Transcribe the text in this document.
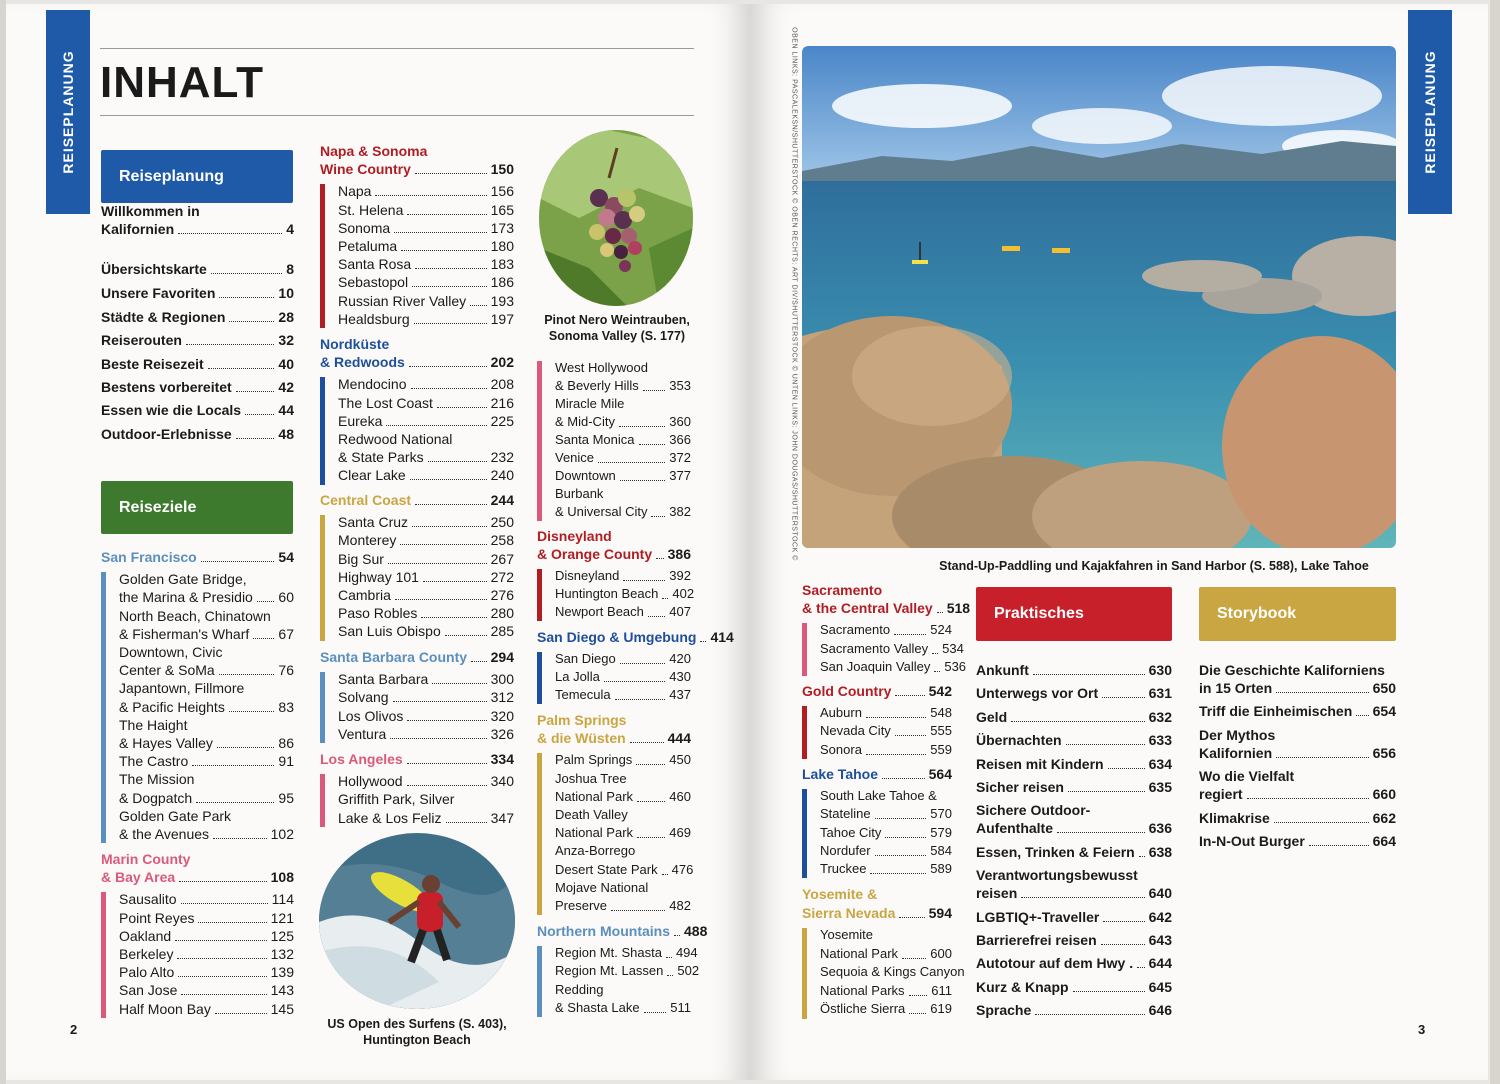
REISEPLANUNG INHALT
Reiseplanung
Willkommen in
Kalifornien	4
Übersichtskarte	8
Unsere Favoriten	10
Städte & Regionen	28
Reiserouten	32
Beste Reisezeit	40
Bestens vorbereitet	42
Essen wie die Locals	44
Outdoor-Erlebnisse	48
Reiseziele
San Francisco	54
Golden Gate Bridge,
the Marina & Presidio 60
North Beach, Chinatown
& Fisherman's Wharf 67
Downtown, Civic
Center & SoMa	76
Japantown, Fillmore
& Pacific Heights	83
The Haight
& Hayes Valley	86
The Castro	91
The Mission
& Dogpatch	95
Golden Gate Park
& the Avenues	102
Marin County
& Bay Area	108
Sausalito	114
Point Reyes	121
Oakland	125
Berkeley	132
Palo Alto	139
San Jose	143
Half Moon Bay	145
Napa & Sonoma
Wine Country	150
Napa	156
St. Helena	165
Sonoma	173
Petaluma	180
Santa Rosa	183
Sebastopol	186
Russian River Valley 193
Healdsburg	197
Nordküste
& Redwoods	202
Mendocino	208
The Lost Coast	216
Eureka	225
Redwood National
& State Parks	232
Clear Lake	240
Central Coast	244
Santa Cruz	250
Monterey	258
Big Sur	267
Highway 101	272
Cambria	276
Paso Robles	280
San Luis Obispo	285
Santa Barbara County 294
Santa Barbara	300
Solvang	312
Los Olivos	320
Ventura	326
Los Angeles	334
Hollywood	340
Griffith Park, Silver
Lake & Los Feliz	347
West Hollywood
& Beverly Hills 353
Miracle Mile
& Mid-City	360
Santa Monica	366
Venice	372
Downtown	377
Burbank
& Universal City 382
Disneyland
& Orange County 386
Disneyland	392
Huntington Beach 402
Newport Beach 407
San Diego & Umgebung 414
San Diego	420
La Jolla	430
Temecula	437
Palm Springs
& die Wüsten	444
Palm Springs	450
Joshua Tree
National Park	460
Death Valley
National Park	469
Anza-Borrego
Desert State Park 476
Mojave National
Preserve	482
Northern Mountains 488
Region Mt. Shasta 494
Region Mt. Lassen 502
Redding
& Shasta Lake 511
Pinot Nero Weintrauben,
Sonoma Valley (S. 177)
US Open des Surfens (S. 403),
Huntington Beach
2
REISEPLANUNG
OBEN LINKS: PASCALEKSN/SHUTTERSTOCK © OBEN RECHTS: ART DIV/SHUTTERSTOCK © UNTEN LINKS: JOHN DOUGAS/SHUTTERSTOCK ©
Stand-Up-Paddling und Kajakfahren in Sand Harbor (S. 588), Lake Tahoe
Sacramento
& the Central Valley 518
Sacramento	524
Sacramento Valley 534
San Joaquin Valley 536
Gold Country	542
Auburn	548
Nevada City	555
Sonora	559
Lake Tahoe	564
South Lake Tahoe &
Stateline	570
Tahoe City	579
Nordufer	584
Truckee	589
Yosemite &
Sierra Nevada 594
Yosemite
National Park 600
Sequoia & Kings Canyon
National Parks 611
Östliche Sierra 619
Praktisches	Storybook
Ankunft	630
Unterwegs vor Ort	631
Geld	632
Übernachten	633
Reisen mit Kindern	634
Sicher reisen	635
Sichere Outdoor-
Aufenthalte	636
Essen, Trinken & Feiern 638
Verantwortungsbewusst
reisen	640
LGBTIQ+-Traveller	642
Barrierefrei reisen	643
Autotour auf dem Hwy . 644
Kurz & Knapp	645
Sprache	646
Die Geschichte Kaliforniens
in 15 Orten	650
Triff die Einheimischen 654
Der Mythos
Kalifornien	656
Wo die Vielfalt
regiert	660
Klimakrise	662
In-N-Out Burger	664
3
